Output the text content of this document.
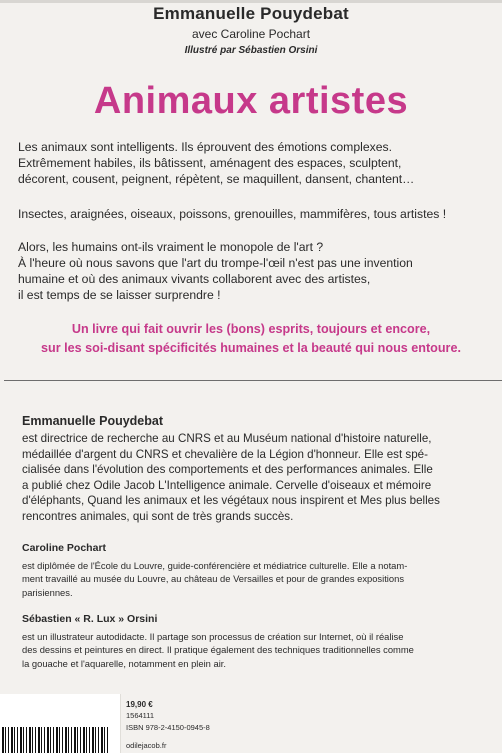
Emmanuelle Pouydebat
avec Caroline Pochart
Illustré par Sébastien Orsini
Animaux artistes
Les animaux sont intelligents. Ils éprouvent des émotions complexes.
Extrêmement habiles, ils bâtissent, aménagent des espaces, sculptent,
décorent, cousent, peignent, répètent, se maquillent, dansent, chantent…
Insectes, araignées, oiseaux, poissons, grenouilles, mammifères, tous artistes !
Alors, les humains ont-ils vraiment le monopole de l'art ?
À l'heure où nous savons que l'art du trompe-l'œil n'est pas une invention
humaine et où des animaux vivants collaborent avec des artistes,
il est temps de se laisser surprendre !
Un livre qui fait ouvrir les (bons) esprits, toujours et encore,
sur les soi-disant spécificités humaines et la beauté qui nous entoure.
Emmanuelle Pouydebat
est directrice de recherche au CNRS et au Muséum national d'histoire naturelle,
médaillée d'argent du CNRS et chevalière de la Légion d'honneur. Elle est spé-
cialisée dans l'évolution des comportements et des performances animales. Elle
a publié chez Odile Jacob L'Intelligence animale. Cervelle d'oiseaux et mémoire
d'éléphants, Quand les animaux et les végétaux nous inspirent et Mes plus belles
rencontres animales, qui sont de très grands succès.
Caroline Pochart
est diplômée de l'École du Louvre, guide-conférencière et médiatrice culturelle. Elle a notam-
ment travaillé au musée du Louvre, au château de Versailles et pour de grandes expositions
parisiennes.
Sébastien « R. Lux » Orsini
est un illustrateur autodidacte. Il partage son processus de création sur Internet, où il réalise
des dessins et peintures en direct. Il pratique également des techniques traditionnelles comme
la gouache et l'aquarelle, notamment en plein air.
19,90 €
1564111
ISBN 978-2-4150-0945-8
odilejacob.fr
